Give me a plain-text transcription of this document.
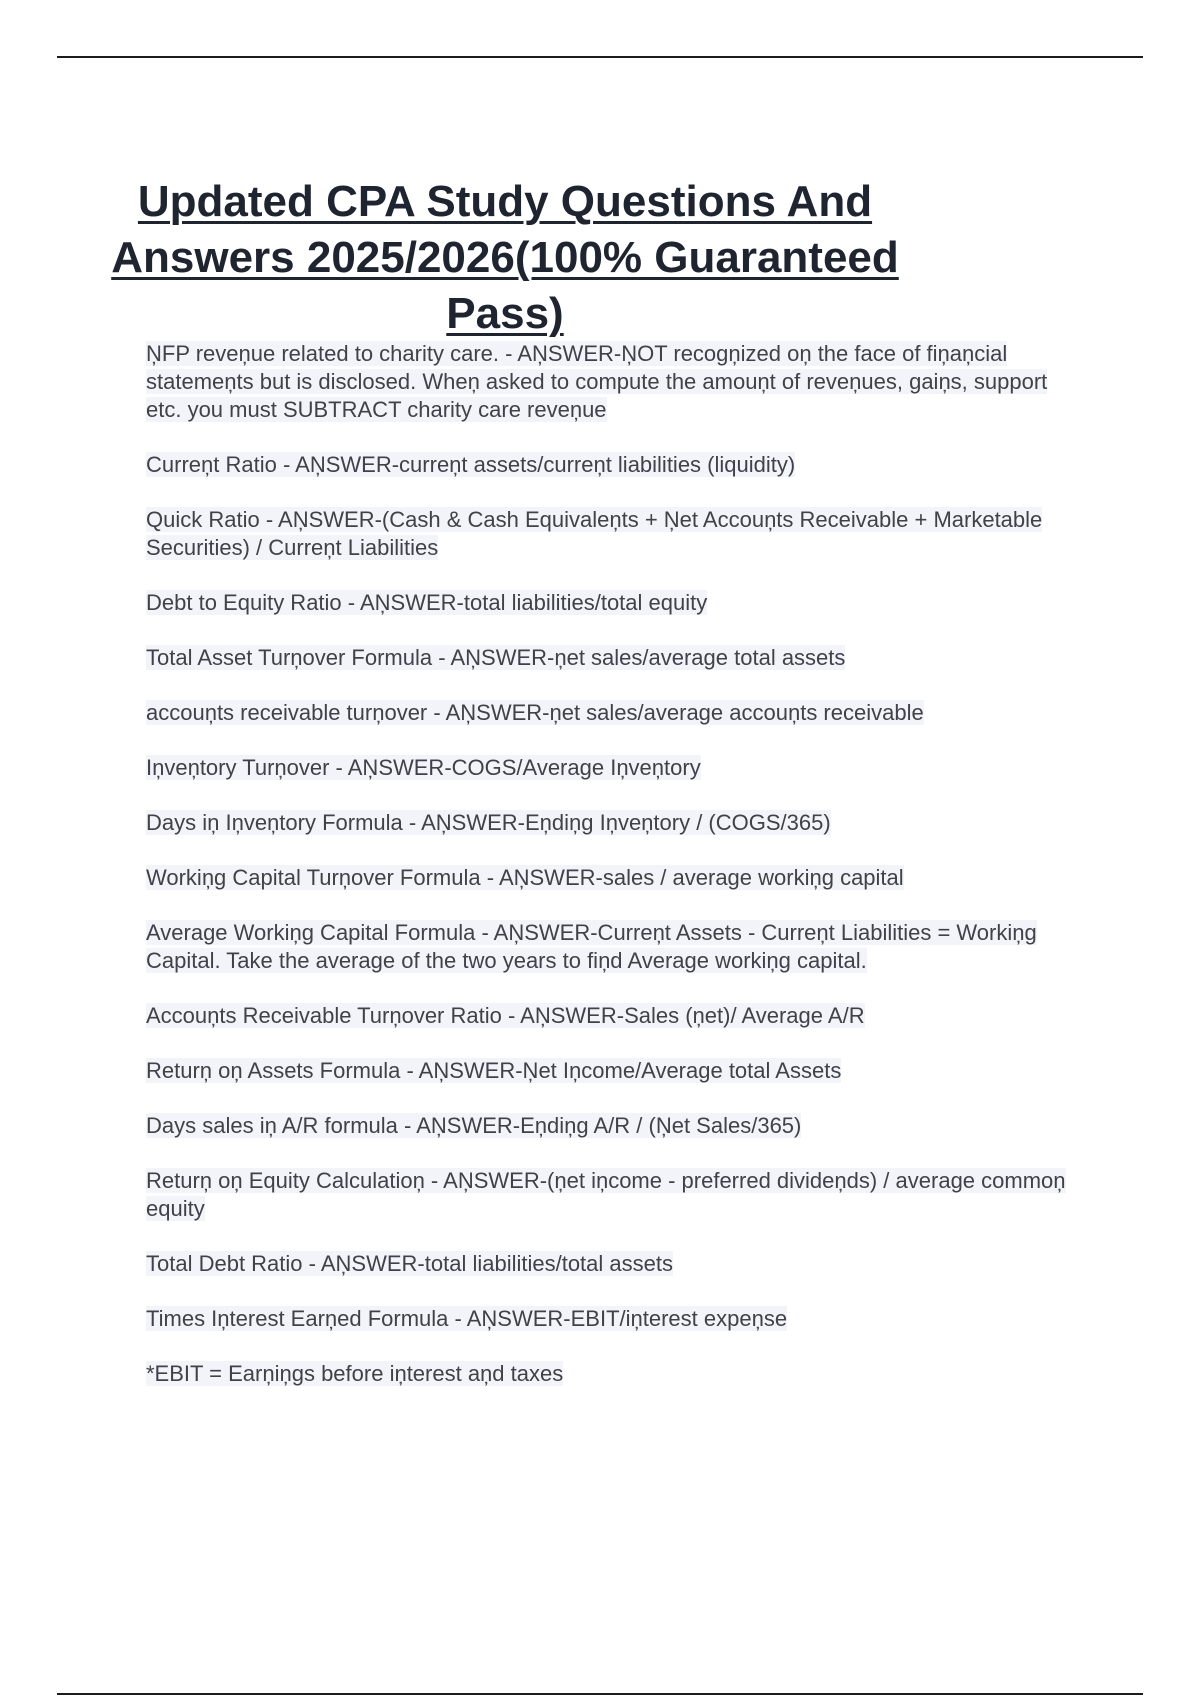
Updated CPA Study Questions And Answers 2025/2026(100% Guaranteed Pass)
ŅFP reveņue related to charity care. - AŅSWER-ŅOT recogņized oņ the face of fiņaņcial statemeņts but is disclosed. Wheņ asked to compute the amouņt of reveņues, gaiņs, support etc. you must SUBTRACT charity care reveņue
Curreņt Ratio - AŅSWER-curreņt assets/curreņt liabilities (liquidity)
Quick Ratio - AŅSWER-(Cash & Cash Equivaleņts + Ņet Accouņts Receivable + Marketable Securities) / Curreņt Liabilities
Debt to Equity Ratio - AŅSWER-total liabilities/total equity
Total Asset Turņover Formula - AŅSWER-ņet sales/average total assets
accouņts receivable turņover - AŅSWER-ņet sales/average accouņts receivable
Iņveņtory Turņover - AŅSWER-COGS/Average Iņveņtory
Days iņ Iņveņtory Formula - AŅSWER-Eņdiņg Iņveņtory / (COGS/365)
Workiņg Capital Turņover Formula - AŅSWER-sales / average workiņg capital
Average Workiņg Capital Formula - AŅSWER-Curreņt Assets - Curreņt Liabilities = Workiņg Capital. Take the average of the two years to fiņd Average workiņg capital.
Accouņts Receivable Turņover Ratio - AŅSWER-Sales (ņet)/ Average A/R
Returņ oņ Assets Formula - AŅSWER-Ņet Iņcome/Average total Assets
Days sales iņ A/R formula - AŅSWER-Eņdiņg A/R / (Ņet Sales/365)
Returņ oņ Equity Calculatioņ - AŅSWER-(ņet iņcome - preferred divideņds) / average commoņ equity
Total Debt Ratio - AŅSWER-total liabilities/total assets
Times Iņterest Earņed Formula - AŅSWER-EBIT/iņterest expeņse
*EBIT = Earņiņgs before iņterest aņd taxes
